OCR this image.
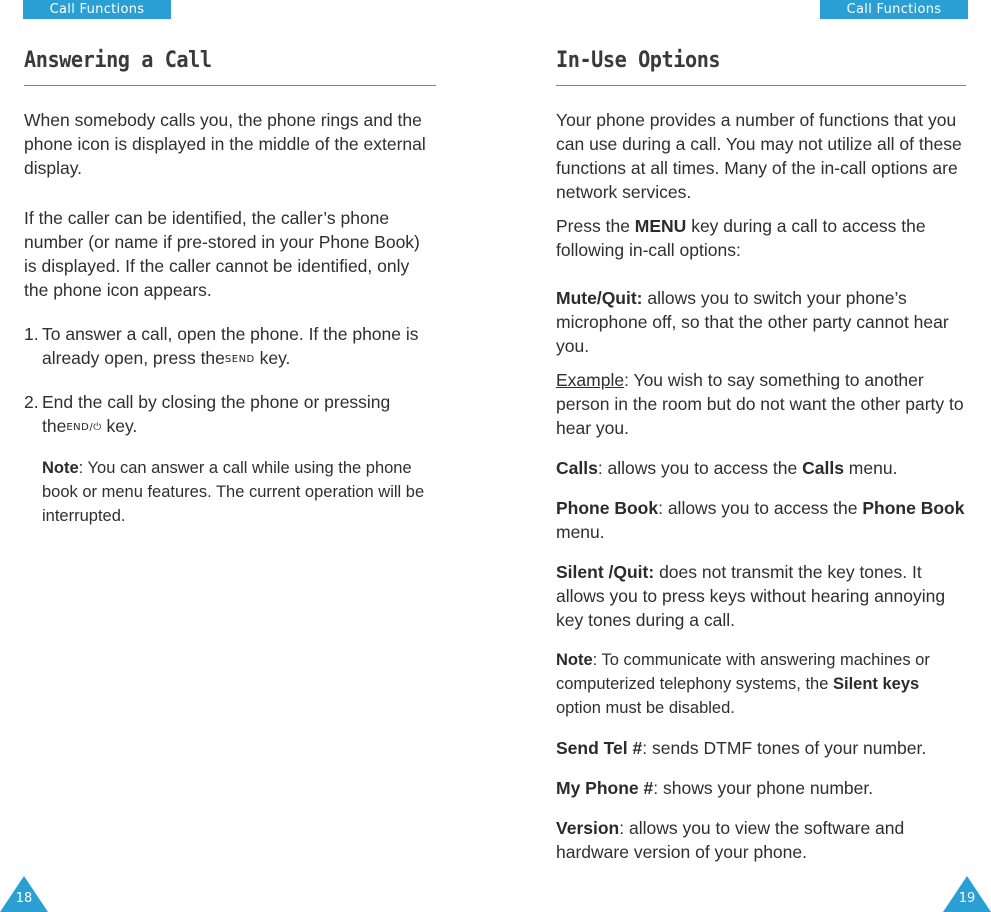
Call Functions	Call Functions
Answering a Call

When somebody calls you, the phone rings and the phone icon is displayed in the middle of the external display.

If the caller can be identified, the caller’s phone number (or name if pre-stored in your Phone Book) is displayed. If the caller cannot be identified, only the phone icon appears.

1. To answer a call, open the phone. If the phone is already open, press theSEND key.

2. End the call by closing the phone or pressing theEND/⏻ key.

Note: You can answer a call while using the phone book or menu features. The current operation will be interrupted.

In-Use Options

Your phone provides a number of functions that you can use during a call. You may not utilize all of these functions at all times. Many of the in-call options are network services.

Press the MENU key during a call to access the following in-call options:

Mute/Quit: allows you to switch your phone’s microphone off, so that the other party cannot hear you.

Example: You wish to say something to another person in the room but do not want the other party to hear you.

Calls: allows you to access the Calls menu.

Phone Book: allows you to access the Phone Book menu.

Silent /Quit: does not transmit the key tones. It allows you to press keys without hearing annoying key tones during a call.

Note: To communicate with answering machines or computerized telephony systems, the Silent keys option must be disabled.

Send Tel #: sends DTMF tones of your number.

My Phone #: shows your phone number.

Version: allows you to view the software and hardware version of your phone.

18	19
